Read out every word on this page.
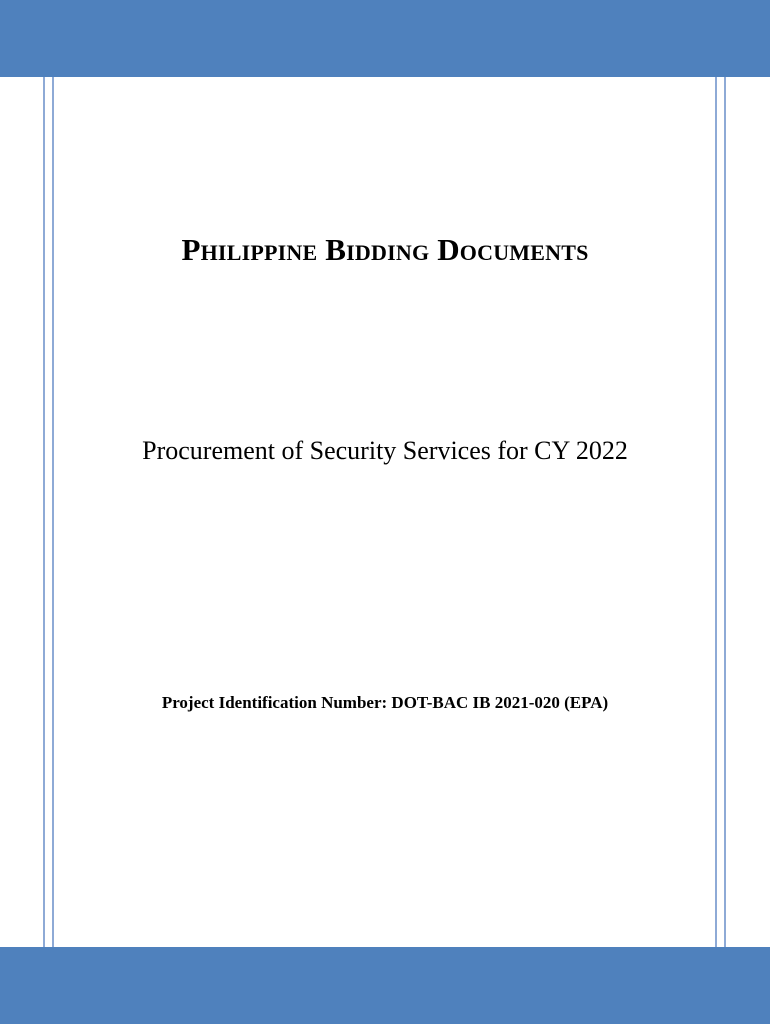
Philippine Bidding Documents
Procurement of Security Services for CY 2022
Project Identification Number: DOT-BAC IB 2021-020 (EPA)
